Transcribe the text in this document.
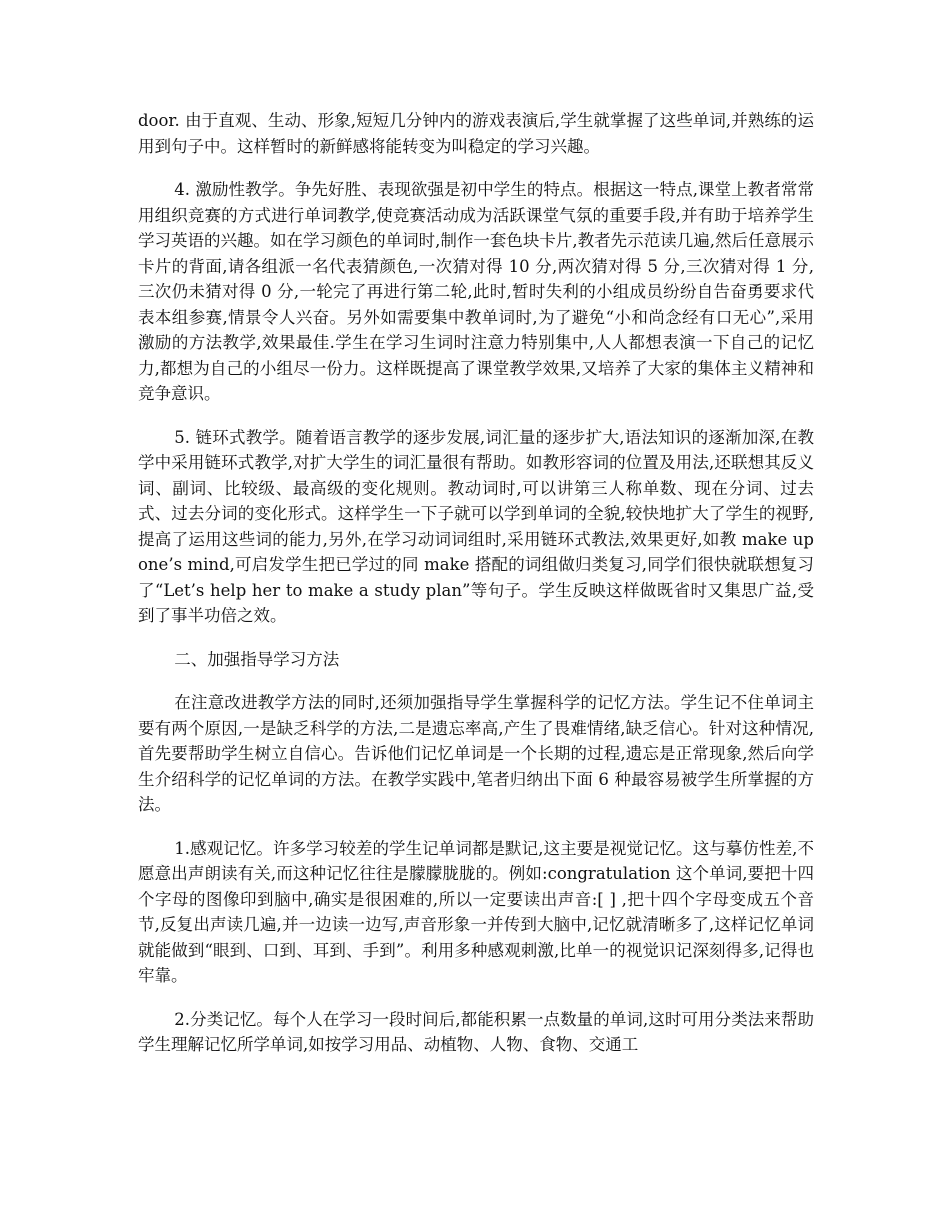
door. 由于直观、生动、形象,短短几分钟内的游戏表演后,学生就掌握了这些单词,并熟练的运用到句子中。这样暂时的新鲜感将能转变为叫稳定的学习兴趣。

4. 激励性教学。争先好胜、表现欲强是初中学生的特点。根据这一特点,课堂上教者常常用组织竞赛的方式进行单词教学,使竞赛活动成为活跃课堂气氛的重要手段,并有助于培养学生学习英语的兴趣。如在学习颜色的单词时,制作一套色块卡片,教者先示范读几遍,然后任意展示卡片的背面,请各组派一名代表猜颜色,一次猜对得 10 分,两次猜对得 5 分,三次猜对得 1 分,三次仍未猜对得 0 分,一轮完了再进行第二轮,此时,暂时失利的小组成员纷纷自告奋勇要求代表本组参赛,情景令人兴奋。另外如需要集中教单词时,为了避免“小和尚念经有口无心”,采用激励的方法教学,效果最佳.学生在学习生词时注意力特别集中,人人都想表演一下自己的记忆力,都想为自己的小组尽一份力。这样既提高了课堂教学效果,又培养了大家的集体主义精神和竞争意识。

5. 链环式教学。随着语言教学的逐步发展,词汇量的逐步扩大,语法知识的逐渐加深,在教学中采用链环式教学,对扩大学生的词汇量很有帮助。如教形容词的位置及用法,还联想其反义词、副词、比较级、最高级的变化规则。教动词时,可以讲第三人称单数、现在分词、过去式、过去分词的变化形式。这样学生一下子就可以学到单词的全貌,较快地扩大了学生的视野,提高了运用这些词的能力,另外,在学习动词词组时,采用链环式教法,效果更好,如教 make up one’s mind,可启发学生把已学过的同 make 搭配的词组做归类复习,同学们很快就联想复习了“Let’s help her to make a study plan”等句子。学生反映这样做既省时又集思广益,受到了事半功倍之效。

二、加强指导学习方法

在注意改进教学方法的同时,还须加强指导学生掌握科学的记忆方法。学生记不住单词主要有两个原因,一是缺乏科学的方法,二是遗忘率高,产生了畏难情绪,缺乏信心。针对这种情况,首先要帮助学生树立自信心。告诉他们记忆单词是一个长期的过程,遗忘是正常现象,然后向学生介绍科学的记忆单词的方法。在教学实践中,笔者归纳出下面 6 种最容易被学生所掌握的方法。

1.感观记忆。许多学习较差的学生记单词都是默记,这主要是视觉记忆。这与摹仿性差,不愿意出声朗读有关,而这种记忆往往是朦朦胧胧的。例如:congratulation 这个单词,要把十四个字母的图像印到脑中,确实是很困难的,所以一定要读出声音:[ ] ,把十四个字母变成五个音节,反复出声读几遍,并一边读一边写,声音形象一并传到大脑中,记忆就清晰多了,这样记忆单词就能做到“眼到、口到、耳到、手到”。利用多种感观刺激,比单一的视觉识记深刻得多,记得也牢靠。

2.分类记忆。每个人在学习一段时间后,都能积累一点数量的单词,这时可用分类法来帮助学生理解记忆所学单词,如按学习用品、动植物、人物、食物、交通工
